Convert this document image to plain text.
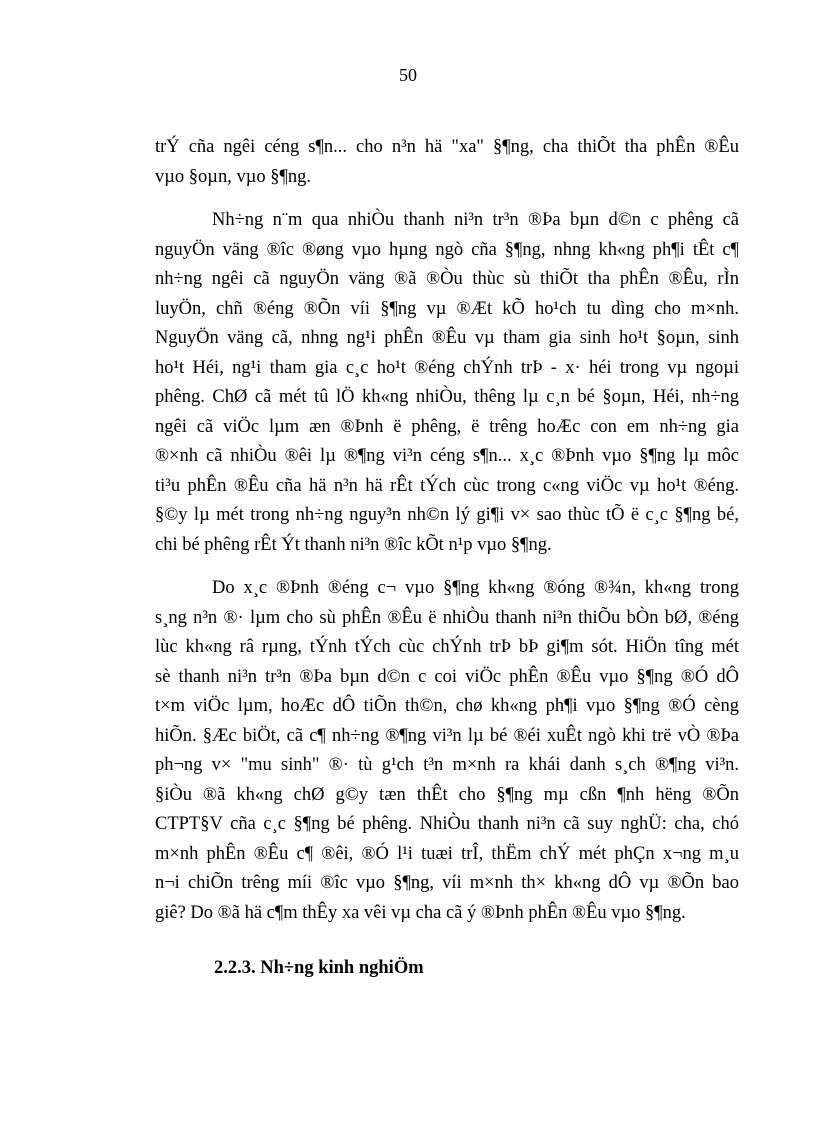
50
trÝ cña ngêi céng s¶n... cho n³n hä "xa" §¶ng, cha thiÕt tha phÊn ®Êu
vµo §oµn, vµo §¶ng.
Nh÷ng n¨m qua nhiÒu thanh ni³n tr³n ®Þa bµn d©n c phêng cã
nguyÖn väng ®îc ®øng vµo hµng ngò cña §¶ng, nhng kh«ng ph¶i tÊt c¶
nh÷ng ngêi cã nguyÖn väng ®ã ®Òu thùc sù thiÕt tha phÊn ®Êu, rÌn
luyÖn, chñ ®éng ®Õn víi §¶ng vµ ®Æt kÕ ho¹ch tu dìng cho m×nh.
NguyÖn väng cã, nhng ng¹i phÊn ®Êu vµ tham gia sinh ho¹t §oµn, sinh
ho¹t Héi, ng¹i tham gia c¸c ho¹t ®éng chÝnh trÞ - x· héi trong vµ ngoµi
phêng. ChØ cã mét tû lÖ kh«ng nhiÒu, thêng lµ c¸n bé §oµn, Héi, nh÷ng
ngêi cã viÖc lµm æn ®Þnh ë phêng, ë trêng hoÆc con em nh÷ng gia
®×nh cã nhiÒu ®êi lµ ®¶ng vi³n céng s¶n... x¸c ®Þnh vµo §¶ng lµ môc
ti³u phÊn ®Êu cña hä n³n hä rÊt tÝch cùc trong c«ng viÖc vµ ho¹t ®éng.
§©y lµ mét trong nh÷ng nguy³n nh©n lý gi¶i v× sao thùc tÕ ë c¸c §¶ng bé,
chi bé phêng rÊt Ýt thanh ni³n ®îc kÕt n¹p vµo §¶ng.
Do x¸c ®Þnh ®éng c¬ vµo §¶ng kh«ng ®óng ®¾n, kh«ng trong
s¸ng n³n ®· lµm cho sù phÊn ®Êu ë nhiÒu thanh ni³n thiÕu bÒn bØ, ®éng
lùc kh«ng râ rµng, tÝnh tÝch cùc chÝnh trÞ bÞ gi¶m sót. HiÖn tîng mét
sè thanh ni³n tr³n ®Þa bµn d©n c coi viÖc phÊn ®Êu vµo §¶ng ®Ó dÔ
t×m viÖc lµm, hoÆc dÔ tiÕn th©n, chø kh«ng ph¶i vµo §¶ng ®Ó cèng
hiÕn. §Æc biÖt, cã c¶ nh÷ng ®¶ng vi³n lµ bé ®éi xuÊt ngò khi trë vÒ ®Þa
ph¬ng v× "mu sinh" ®· tù g¹ch t³n m×nh ra khái danh s¸ch ®¶ng vi³n.
§iÒu ®ã kh«ng chØ g©y tæn thÊt cho §¶ng mµ cßn ¶nh hëng ®Õn
CTPT§V cña c¸c §¶ng bé phêng. NhiÒu thanh ni³n cã suy nghÜ: cha, chó
m×nh phÊn ®Êu c¶ ®êi, ®Ó l¹i tuæi trÎ, thËm chÝ mét phÇn x¬ng m¸u
n¬i chiÕn trêng míi ®îc vµo §¶ng, víi m×nh th× kh«ng dÔ vµ ®Õn bao
giê? Do ®ã hä c¶m thÊy xa vêi vµ cha cã ý ®Þnh phÊn ®Êu vµo §¶ng.
2.2.3. Nh÷ng kinh nghiÖm
